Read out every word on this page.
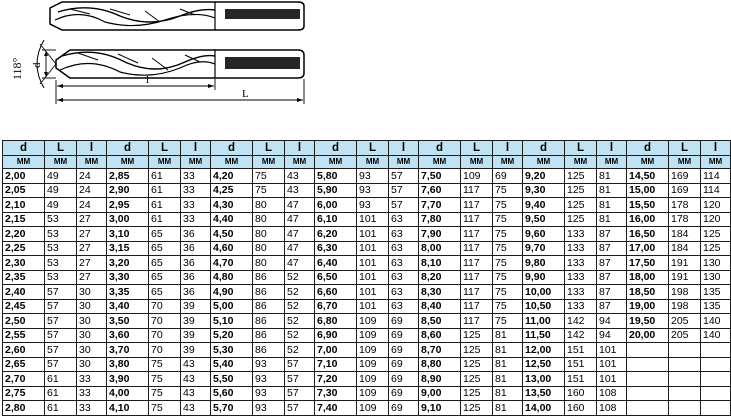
118° d
l
L
d	L	l	d	L	l	d	L	l	d	L	l	d	L	l	d	L	l	d	L	l
MM	MM	MM	MM	MM	MM	MM	MM	MM	MM	MM	MM	MM	MM	MM	MM	MM	MM	MM	MM	MM
2,00	49	24	2,85	61	33	4,20	75	43	5,80	93	57	7,50	109	69	9,20	125	81	14,50	169	114
2,05	49	24	2,90	61	33	4,25	75	43	5,90	93	57	7,60	117	75	9,30	125	81	15,00	169	114
2,10	49	24	2,95	61	33	4,30	80	47	6,00	93	57	7,70	117	75	9,40	125	81	15,50	178	120
2,15	53	27	3,00	61	33	4,40	80	47	6,10	101	63	7,80	117	75	9,50	125	81	16,00	178	120
2,20	53	27	3,10	65	36	4,50	80	47	6,20	101	63	7,90	117	75	9,60	133	87	16,50	184	125
2,25	53	27	3,15	65	36	4,60	80	47	6,30	101	63	8,00	117	75	9,70	133	87	17,00	184	125
2,30	53	27	3,20	65	36	4,70	80	47	6,40	101	63	8,10	117	75	9,80	133	87	17,50	191	130
2,35	53	27	3,30	65	36	4,80	86	52	6,50	101	63	8,20	117	75	9,90	133	87	18,00	191	130
2,40	57	30	3,35	65	36	4,90	86	52	6,60	101	63	8,30	117	75	10,00	133	87	18,50	198	135
2,45	57	30	3,40	70	39	5,00	86	52	6,70	101	63	8,40	117	75	10,50	133	87	19,00	198	135
2,50	57	30	3,50	70	39	5,10	86	52	6,80	109	69	8,50	117	75	11,00	142	94	19,50	205	140
2,55	57	30	3,60	70	39	5,20	86	52	6,90	109	69	8,60	125	81	11,50	142	94	20,00	205	140
2,60	57	30	3,70	70	39	5,30	86	52	7,00	109	69	8,70	125	81	12,00	151	101			
2,65	57	30	3,80	75	43	5,40	93	57	7,10	109	69	8,80	125	81	12,50	151	101			
2,70	61	33	3,90	75	43	5,50	93	57	7,20	109	69	8,90	125	81	13,00	151	101			
2,75	61	33	4,00	75	43	5,60	93	57	7,30	109	69	9,00	125	81	13,50	160	108			
2,80	61	33	4,10	75	43	5,70	93	57	7,40	109	69	9,10	125	81	14,00	160	108			
